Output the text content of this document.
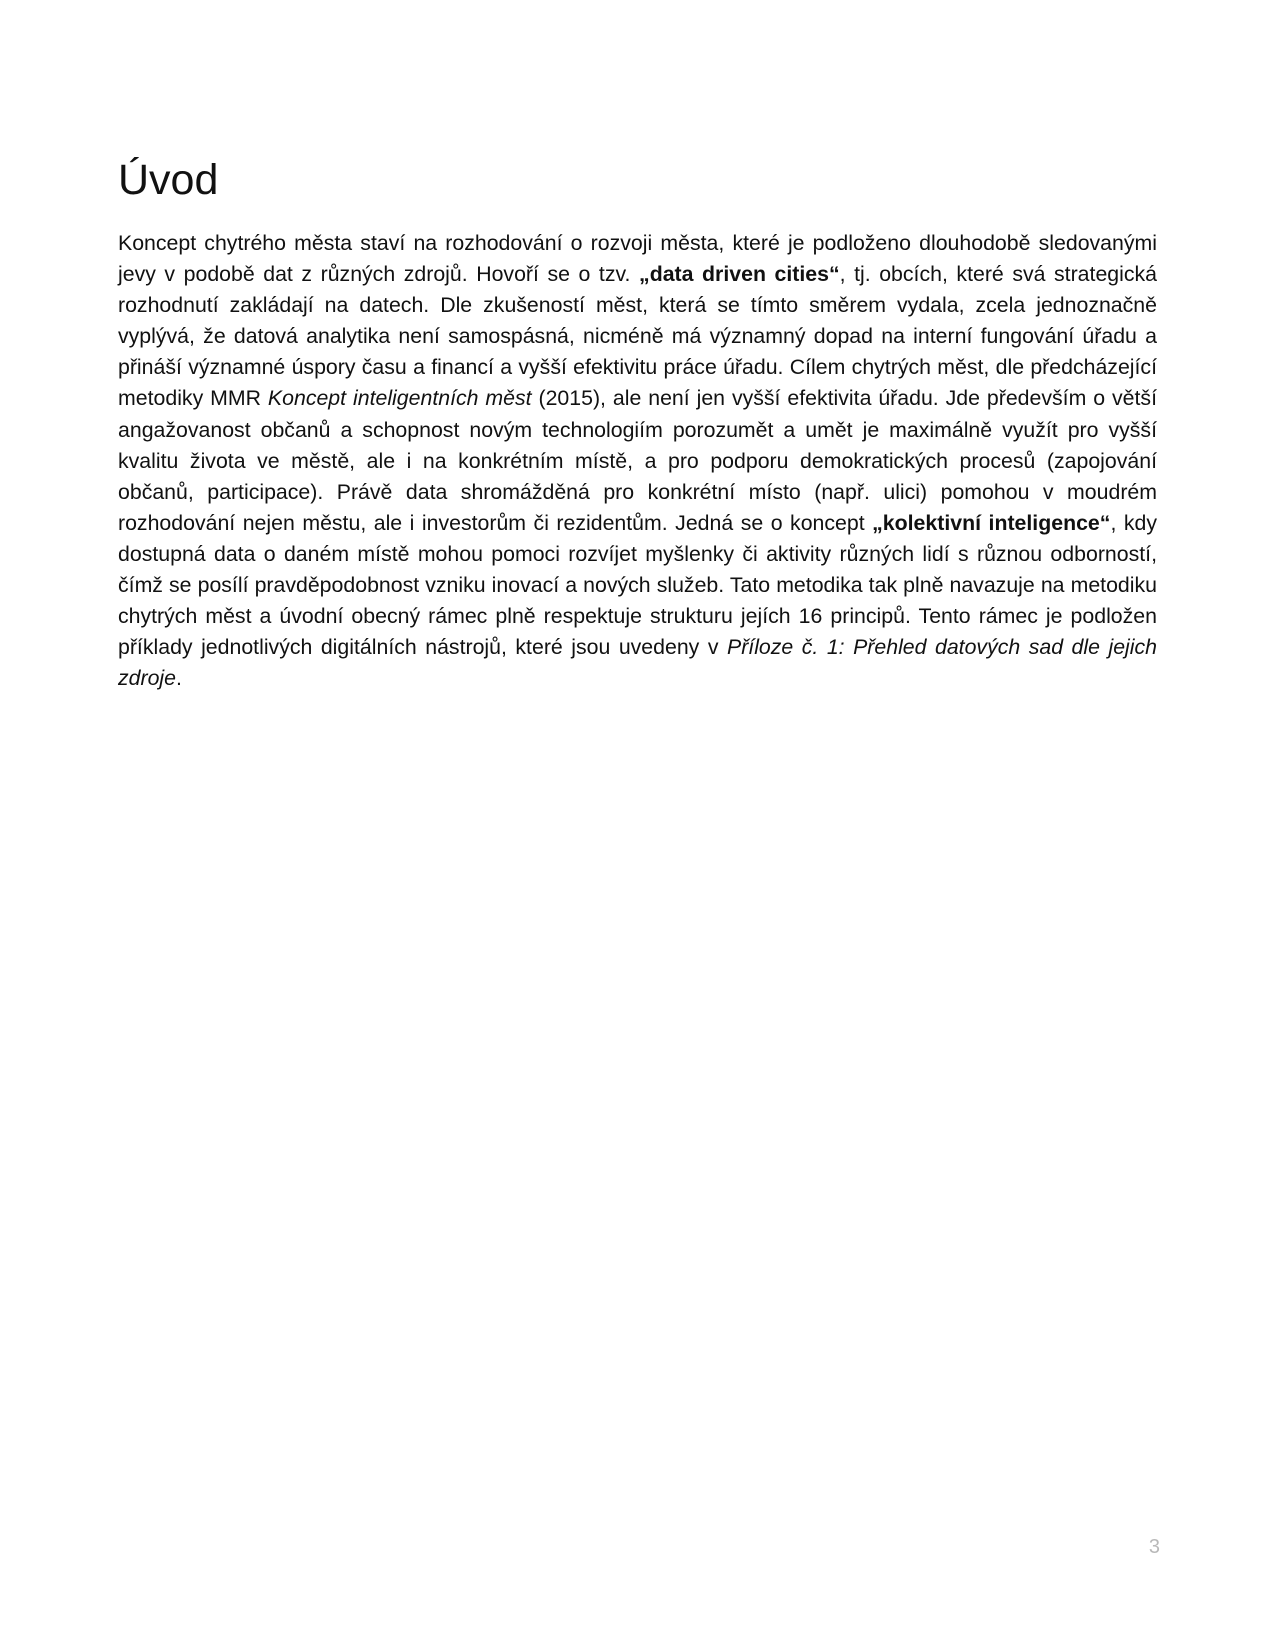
Úvod

Koncept chytrého města staví na rozhodování o rozvoji města, které je podloženo dlouhodobě sledovanými jevy v podobě dat z různých zdrojů. Hovoří se o tzv. „data driven cities“, tj. obcích, které svá strategická rozhodnutí zakládají na datech. Dle zkušeností měst, která se tímto směrem vydala, zcela jednoznačně vyplývá, že datová analytika není samospásná, nicméně má významný dopad na interní fungování úřadu a přináší významné úspory času a financí a vyšší efektivitu práce úřadu. Cílem chytrých měst, dle předcházející metodiky MMR Koncept inteligentních měst (2015), ale není jen vyšší efektivita úřadu. Jde především o větší angažovanost občanů a schopnost novým technologiím porozumět a umět je maximálně využít pro vyšší kvalitu života ve městě, ale i na konkrétním místě, a pro podporu demokratických procesů (zapojování občanů, participace). Právě data shromážděná pro konkrétní místo (např. ulici) pomohou v moudrém rozhodování nejen městu, ale i investorům či rezidentům. Jedná se o koncept „kolektivní inteligence“, kdy dostupná data o daném místě mohou pomoci rozvíjet myšlenky či aktivity různých lidí s různou odborností, čímž se posílí pravděpodobnost vzniku inovací a nových služeb. Tato metodika tak plně navazuje na metodiku chytrých měst a úvodní obecný rámec plně respektuje strukturu jejích 16 principů. Tento rámec je podložen příklady jednotlivých digitálních nástrojů, které jsou uvedeny v Příloze č. 1: Přehled datových sad dle jejich zdroje.

3
